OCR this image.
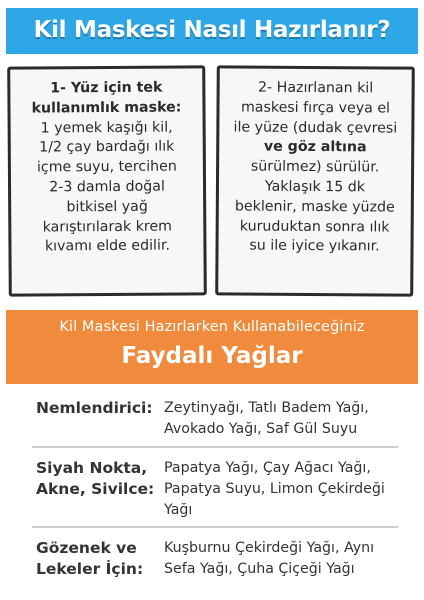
Kil Maskesi Nasıl Hazırlanır?
1- Yüz için tek
kullanımlık maske:
1 yemek kaşığı kil,
1/2 çay bardağı ılık
içme suyu, tercihen
2-3 damla doğal
bitkisel yağ
karıştırılarak krem
kıvamı elde edilir.
2- Hazırlanan kil
maskesi fırça veya el
ile yüze (dudak çevresi
ve göz altına
sürülmez) sürülür.
Yaklaşık 15 dk
beklenir, maske yüzde
kuruduktan sonra ılık
su ile iyice yıkanır.
Kil Maskesi Hazırlarken Kullanabileceğiniz
Faydalı Yağlar
Nemlendirici: Zeytinyağı, Tatlı Badem Yağı, Avokado Yağı, Saf Gül Suyu
Siyah Nokta, Akne, Sivilce:
Papatya Yağı, Çay Ağacı Yağı, Papatya Suyu, Limon Çekirdeği Yağı
Gözenek ve Lekeler İçin:
Kuşburnu Çekirdeği Yağı, Aynı Sefa Yağı, Çuha Çiçeği Yağı
